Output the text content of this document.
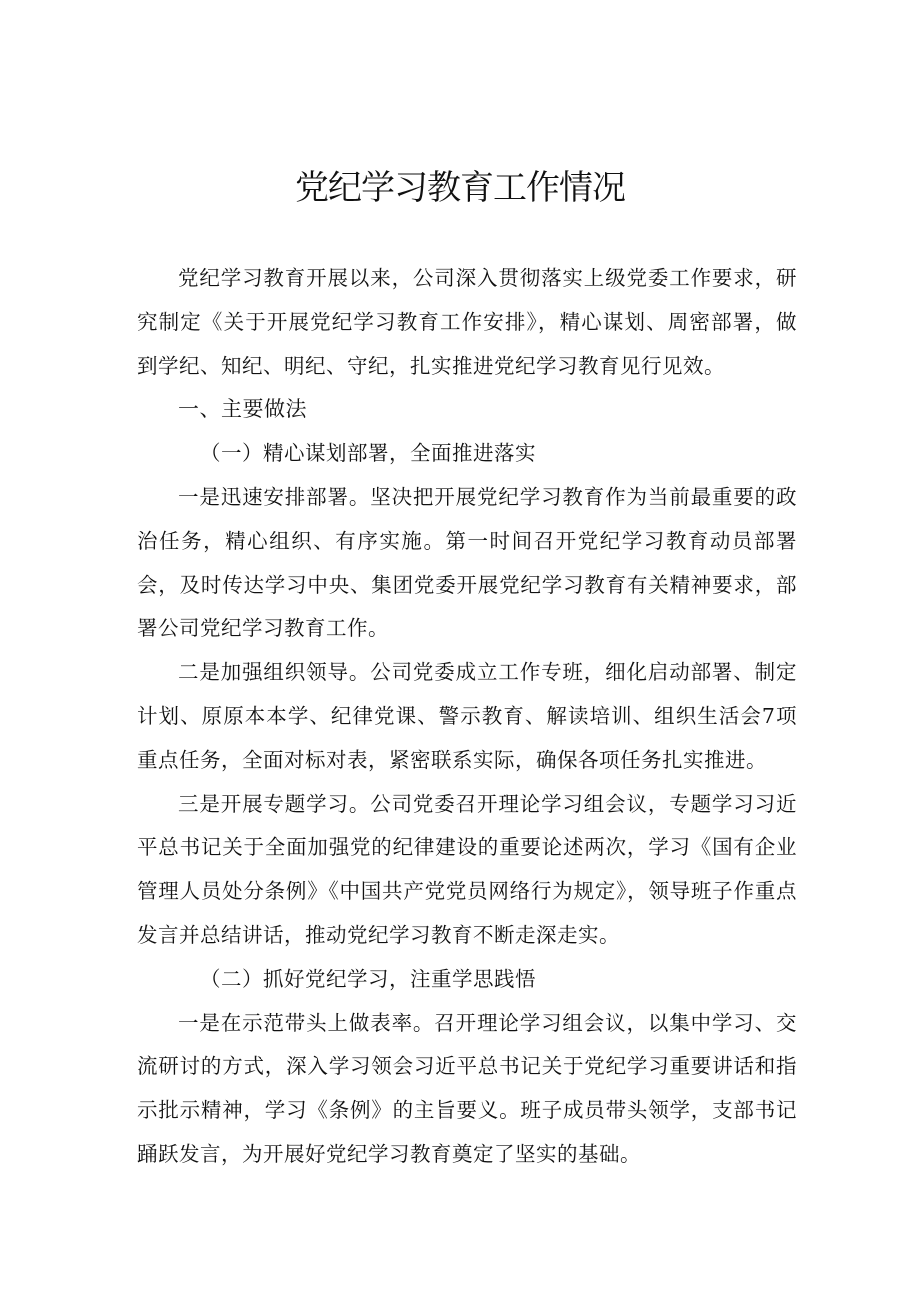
党纪学习教育工作情况

党纪学习教育开展以来，公司深入贯彻落实上级党委工作要求，研究制定《关于开展党纪学习教育工作安排》，精心谋划、周密部署，做到学纪、知纪、明纪、守纪，扎实推进党纪学习教育见行见效。

一、主要做法

（一）精心谋划部署，全面推进落实

一是迅速安排部署。坚决把开展党纪学习教育作为当前最重要的政治任务，精心组织、有序实施。第一时间召开党纪学习教育动员部署会，及时传达学习中央、集团党委开展党纪学习教育有关精神要求，部署公司党纪学习教育工作。

二是加强组织领导。公司党委成立工作专班，细化启动部署、制定计划、原原本本学、纪律党课、警示教育、解读培训、组织生活会7项重点任务，全面对标对表，紧密联系实际，确保各项任务扎实推进。

三是开展专题学习。公司党委召开理论学习组会议，专题学习习近平总书记关于全面加强党的纪律建设的重要论述两次，学习《国有企业管理人员处分条例》《中国共产党党员网络行为规定》，领导班子作重点发言并总结讲话，推动党纪学习教育不断走深走实。

（二）抓好党纪学习，注重学思践悟

一是在示范带头上做表率。召开理论学习组会议，以集中学习、交流研讨的方式，深入学习领会习近平总书记关于党纪学习重要讲话和指示批示精神，学习《条例》的主旨要义。班子成员带头领学，支部书记踊跃发言，为开展好党纪学习教育奠定了坚实的基础。
